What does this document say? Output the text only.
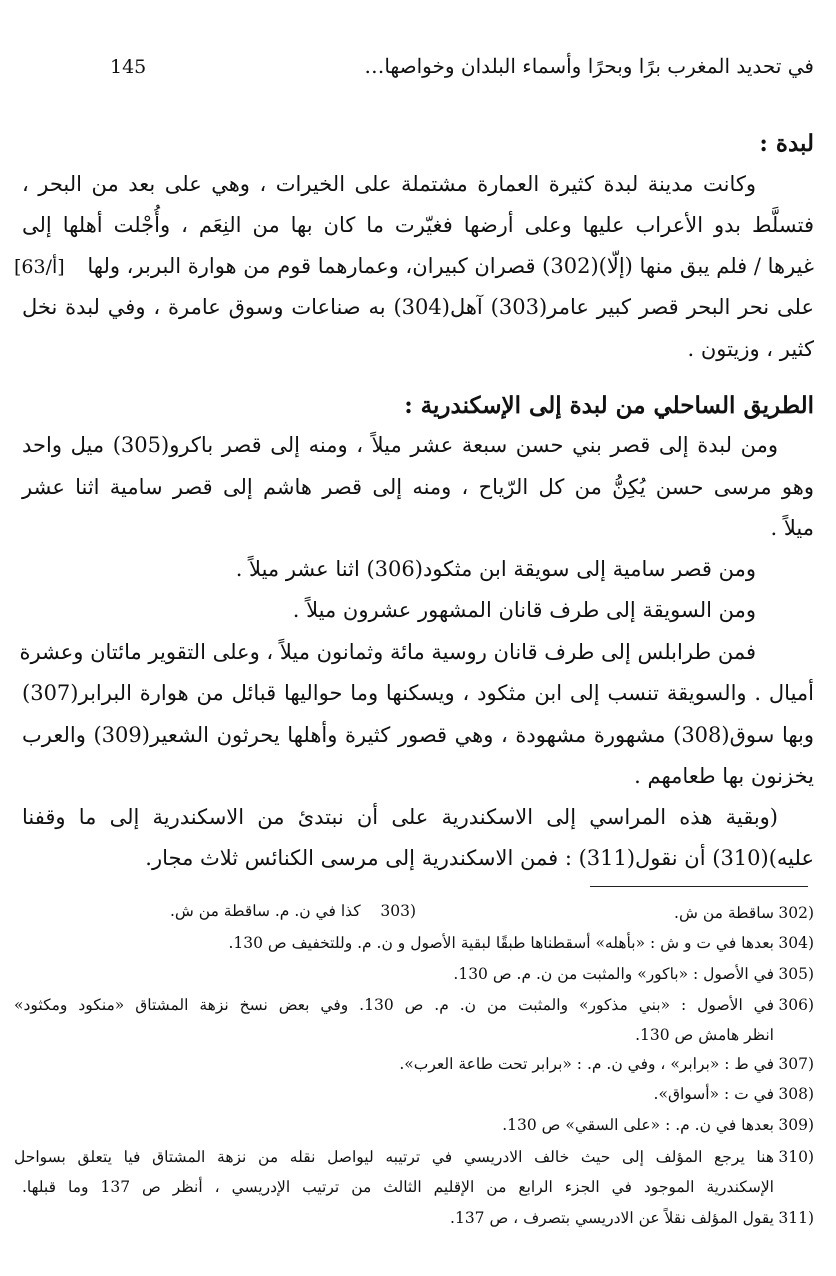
في تحديد المغرب برًا وبحرًا وأسماء البلدان وخواصها…
145
لبدة :
وكانت مدينة لبدة كثيرة العمارة مشتملة على الخيرات ، وهي على بعد من البحر ،
فتسلَّط بدو الأعراب عليها وعلى أرضها فغيّرت ما كان بها من النِعَم ، وأُجْلت أهلها إلى
غيرها / فلم يبق منها (إلّا)(302) قصران كبيران، وعمارهما قوم من هوارة البربر، ولها
[63/أ]
على نحر البحر قصر كبير عامر(303) آهل(304) به صناعات وسوق عامرة ، وفي لبدة نخل
كثير ، وزيتون .
الطريق الساحلي من لبدة إلى الإسكندرية :
ومن لبدة إلى قصر بني حسن سبعة عشر ميلاً ، ومنه إلى قصر باكرو(305) ميل واحد
وهو مرسى حسن يُكِنُّ من كل الرّياح ، ومنه إلى قصر هاشم إلى قصر سامية اثنا عشر
ميلاً .
ومن قصر سامية إلى سويقة ابن مثكود(306) اثنا عشر ميلاً .
ومن السويقة إلى طرف قانان المشهور عشرون ميلاً .
فمن طرابلس إلى طرف قانان روسية مائة وثمانون ميلاً ، وعلى التقوير مائتان وعشرة
أميال . والسويقة تنسب إلى ابن مثكود ، ويسكنها وما حواليها قبائل من هوارة البرابر(307)
وبها سوق(308) مشهورة مشهودة ، وهي قصور كثيرة وأهلها يحرثون الشعير(309) والعرب
يخزنون بها طعامهم .
(وبقية هذه المراسي إلى الاسكندرية على أن نبتدئ من الاسكندرية إلى ما وقفنا
عليه)(310) أن نقول(311) : فمن الاسكندرية إلى مرسى الكنائس ثلاث مجار.
302)
ساقطة من ش.
303)    كذا في ن. م. ساقطة من ش.
304)
بعدها في ت و ش : «بأهله» أسقطناها طبقًا لبقية الأصول و ن. م. وللتخفيف ص 130.
305)
في الأصول : «باكور» والمثبت من ن. م. ص 130.
306)
في الأصول : «بني مذكور» والمثبت من ن. م. ص 130. وفي بعض نسخ نزهة المشتاق «منكود ومكثود»
انظر هامش ص 130.
307)
في ط : «برابر» ، وفي ن. م. : «برابر تحت طاعة العرب».
308)
في ت : «أسواق».
309)
بعدها في ن. م. : «على السقي» ص 130.
310)
هنا يرجع المؤلف إلى حيث خالف الادريسي في ترتيبه ليواصل نقله من نزهة المشتاق فيا يتعلق بسواحل
الإسكندرية الموجود في الجزء الرابع من الإقليم الثالث من ترتيب الإدريسي ، أنظر ص 137 وما قبلها.
311)
يقول المؤلف نقلاً عن الادريسي بتصرف ، ص 137.
